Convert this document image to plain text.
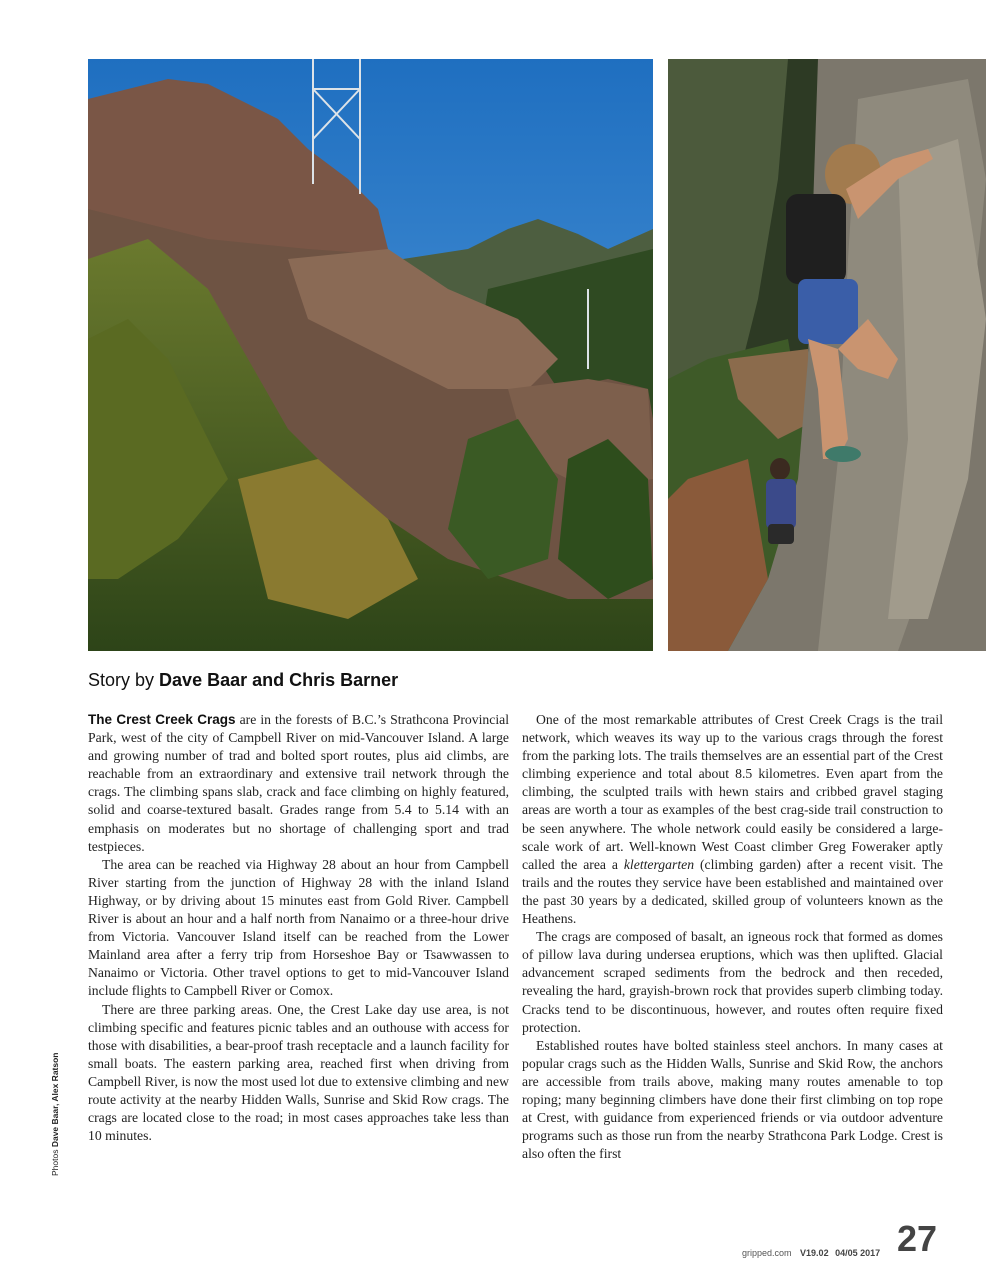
Story by Dave Baar and Chris Barner

The Crest Creek Crags are in the forests of B.C.’s Strathcona Provincial Park, west of the city of Campbell River on mid-Vancouver Island. A large and growing number of trad and bolted sport routes, plus aid climbs, are reachable from an extraordinary and extensive trail network through the crags. The climbing spans slab, crack and face climbing on highly featured, solid and coarse-textured basalt. Grades range from 5.4 to 5.14 with an emphasis on moderates but no shortage of challenging sport and trad testpieces.

The area can be reached via Highway 28 about an hour from Campbell River starting from the junction of Highway 28 with the inland Island Highway, or by driving about 15 minutes east from Gold River. Campbell River is about an hour and a half north from Nanaimo or a three-hour drive from Victoria. Vancouver Island itself can be reached from the Lower Mainland area after a ferry trip from Horseshoe Bay or Tsawwassen to Nanaimo or Victoria. Other travel options to get to mid-Vancouver Island include flights to Campbell River or Comox.

There are three parking areas. One, the Crest Lake day use area, is not climbing specific and features picnic tables and an outhouse with access for those with disabilities, a bear-proof trash receptacle and a launch facility for small boats. The eastern parking area, reached first when driving from Campbell River, is now the most used lot due to extensive climbing and new route activity at the nearby Hidden Walls, Sunrise and Skid Row crags. The crags are located close to the road; in most cases approaches take less than 10 minutes.

One of the most remarkable attributes of Crest Creek Crags is the trail network, which weaves its way up to the various crags through the forest from the parking lots. The trails themselves are an essential part of the Crest climbing experience and total about 8.5 kilometres. Even apart from the climbing, the sculpted trails with hewn stairs and cribbed gravel staging areas are worth a tour as examples of the best crag-side trail construction to be seen anywhere. The whole network could easily be considered a large-scale work of art. Well-known West Coast climber Greg Foweraker aptly called the area a klettergarten (climbing garden) after a recent visit. The trails and the routes they service have been established and maintained over the past 30 years by a dedicated, skilled group of volunteers known as the Heathens.

The crags are composed of basalt, an igneous rock that formed as domes of pillow lava during undersea eruptions, which was then uplifted. Glacial advancement scraped sediments from the bedrock and then receded, revealing the hard, grayish-brown rock that provides superb climbing today. Cracks tend to be discontinuous, however, and routes often require fixed protection.

Established routes have bolted stainless steel anchors. In many cases at popular crags such as the Hidden Walls, Sunrise and Skid Row, the anchors are accessible from trails above, making many routes amenable to top roping; many beginning climbers have done their first climbing on top rope at Crest, with guidance from experienced friends or via outdoor adventure programs such as those run from the nearby Strathcona Park Lodge. Crest is also often the first

Photos Dave Baar, Alex Ratson
gripped.com V19.02 04/05 2017 27
